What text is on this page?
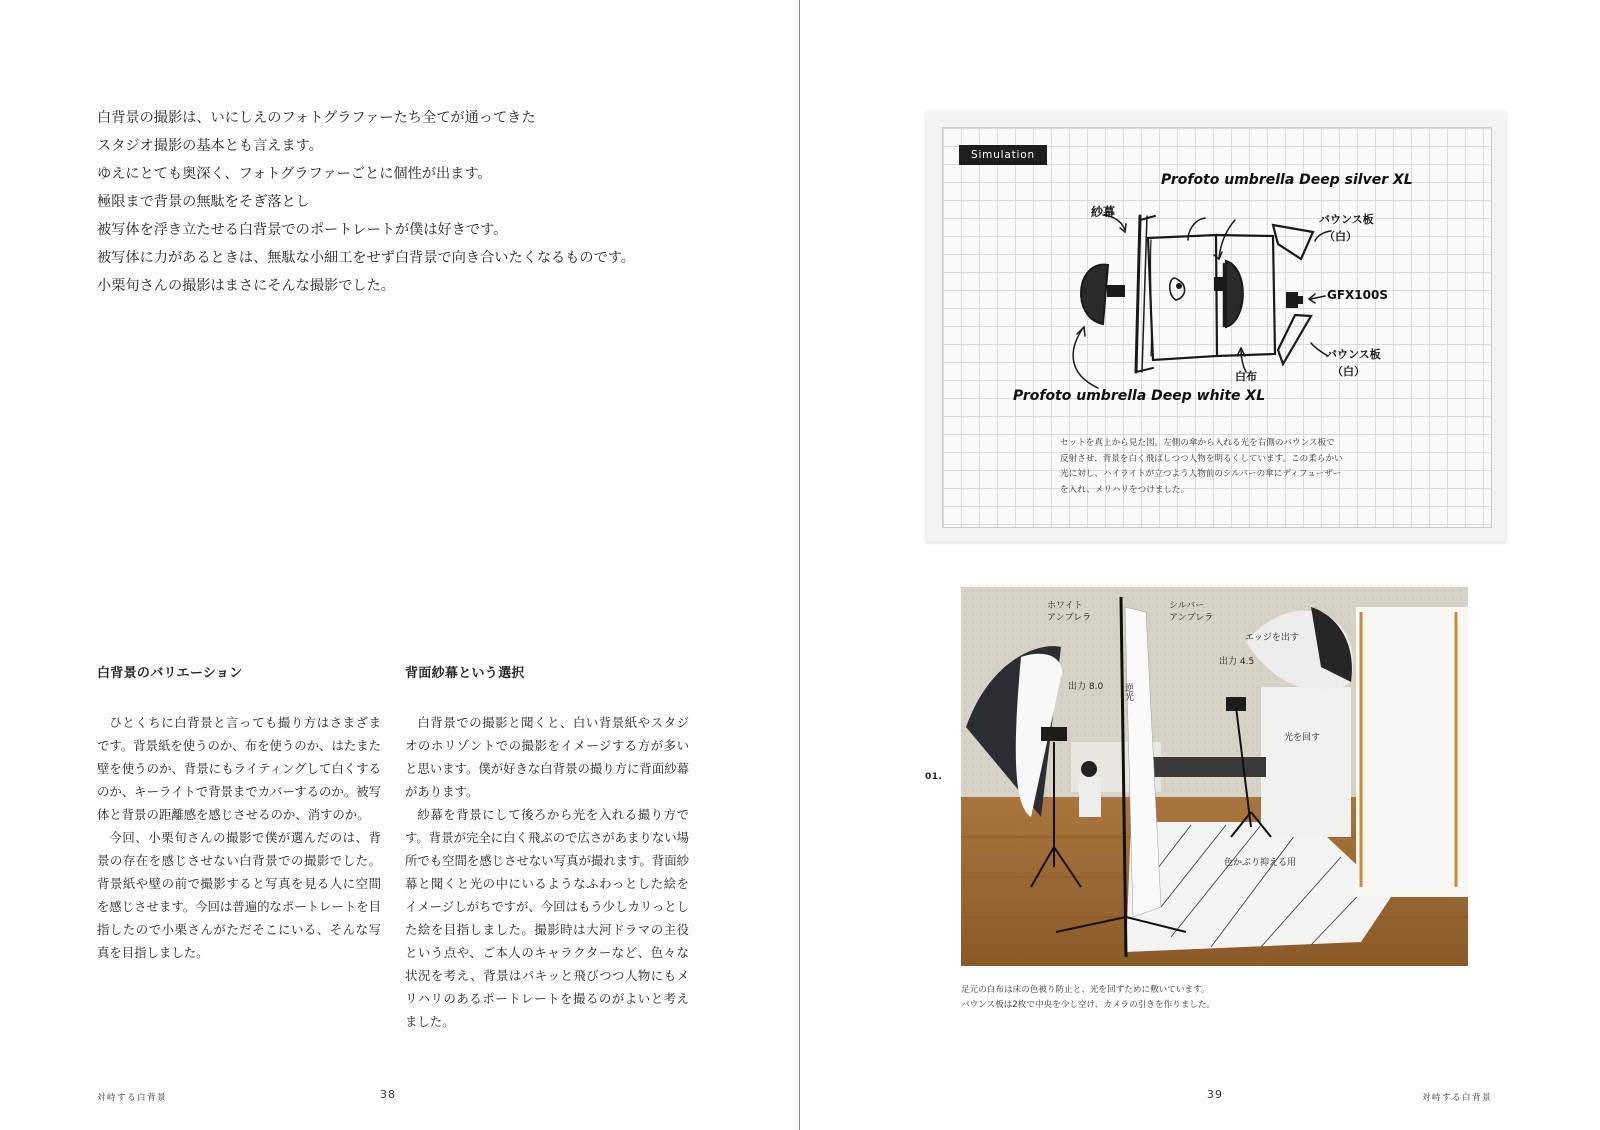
白背景の撮影は、いにしえのフォトグラファーたち全てが通ってきた

スタジオ撮影の基本とも言えます。

ゆえにとても奥深く、フォトグラファーごとに個性が出ます。

極限まで背景の無駄をそぎ落とし

被写体を浮き立たせる白背景でのポートレートが僕は好きです。

被写体に力があるときは、無駄な小細工をせず白背景で向き合いたくなるものです。

小栗旬さんの撮影はまさにそんな撮影でした。

白背景のバリエーション

ひとくちに白背景と言っても撮り方はさまざまです。背景紙を使うのか、布を使うのか、はたまた壁を使うのか、背景にもライティングして白くするのか、キーライトで背景までカバーするのか。被写体と背景の距離感を感じさせるのか、消すのか。

今回、小栗旬さんの撮影で僕が選んだのは、背景の存在を感じさせない白背景での撮影でした。背景紙や壁の前で撮影すると写真を見る人に空間を感じさせます。今回は普遍的なポートレートを目指したので小栗さんがただそこにいる、そんな写真を目指しました。

背面紗幕という選択

白背景での撮影と聞くと、白い背景紙やスタジオのホリゾントでの撮影をイメージする方が多いと思います。僕が好きな白背景の撮り方に背面紗幕があります。

紗幕を背景にして後ろから光を入れる撮り方です。背景が完全に白く飛ぶので広さがあまりない場所でも空間を感じさせない写真が撮れます。背面紗幕と聞くと光の中にいるようなふわっとした絵をイメージしがちですが、今回はもう少しカリっとした絵を目指しました。撮影時は大河ドラマの主役という点や、ご本人のキャラクターなど、色々な状況を考え、背景はパキッと飛びつつ人物にもメリハリのあるポートレートを撮るのがよいと考えました。

対峙する白背景	38
Simulation
Profoto umbrella Deep silver XL
紗幕
バウンス板
（白）
GFX100S
バウンス板
（白）
白布
Profoto umbrella Deep white XL
セットを真上から見た図。左側の傘から入れる光を右側のバウンス板で
反射させ、背景を白く飛ばしつつ人物を明るくしています。この柔らかい
光に対し、ハイライトが立つよう人物前のシルバーの傘にディフューザー
を入れ、メリハリをつけました。
01.
ホワイト
アンブレラ
シルバー
アンブレラ
エッジを出す
出力 4.5
出力 8.0 逆光
光を回す
色かぶり抑える用
足元の白布は床の色被り防止と、光を回すために敷いています。
バウンス板は2枚で中央を少し空け、カメラの引きを作りました。
39	対峙する白背景
